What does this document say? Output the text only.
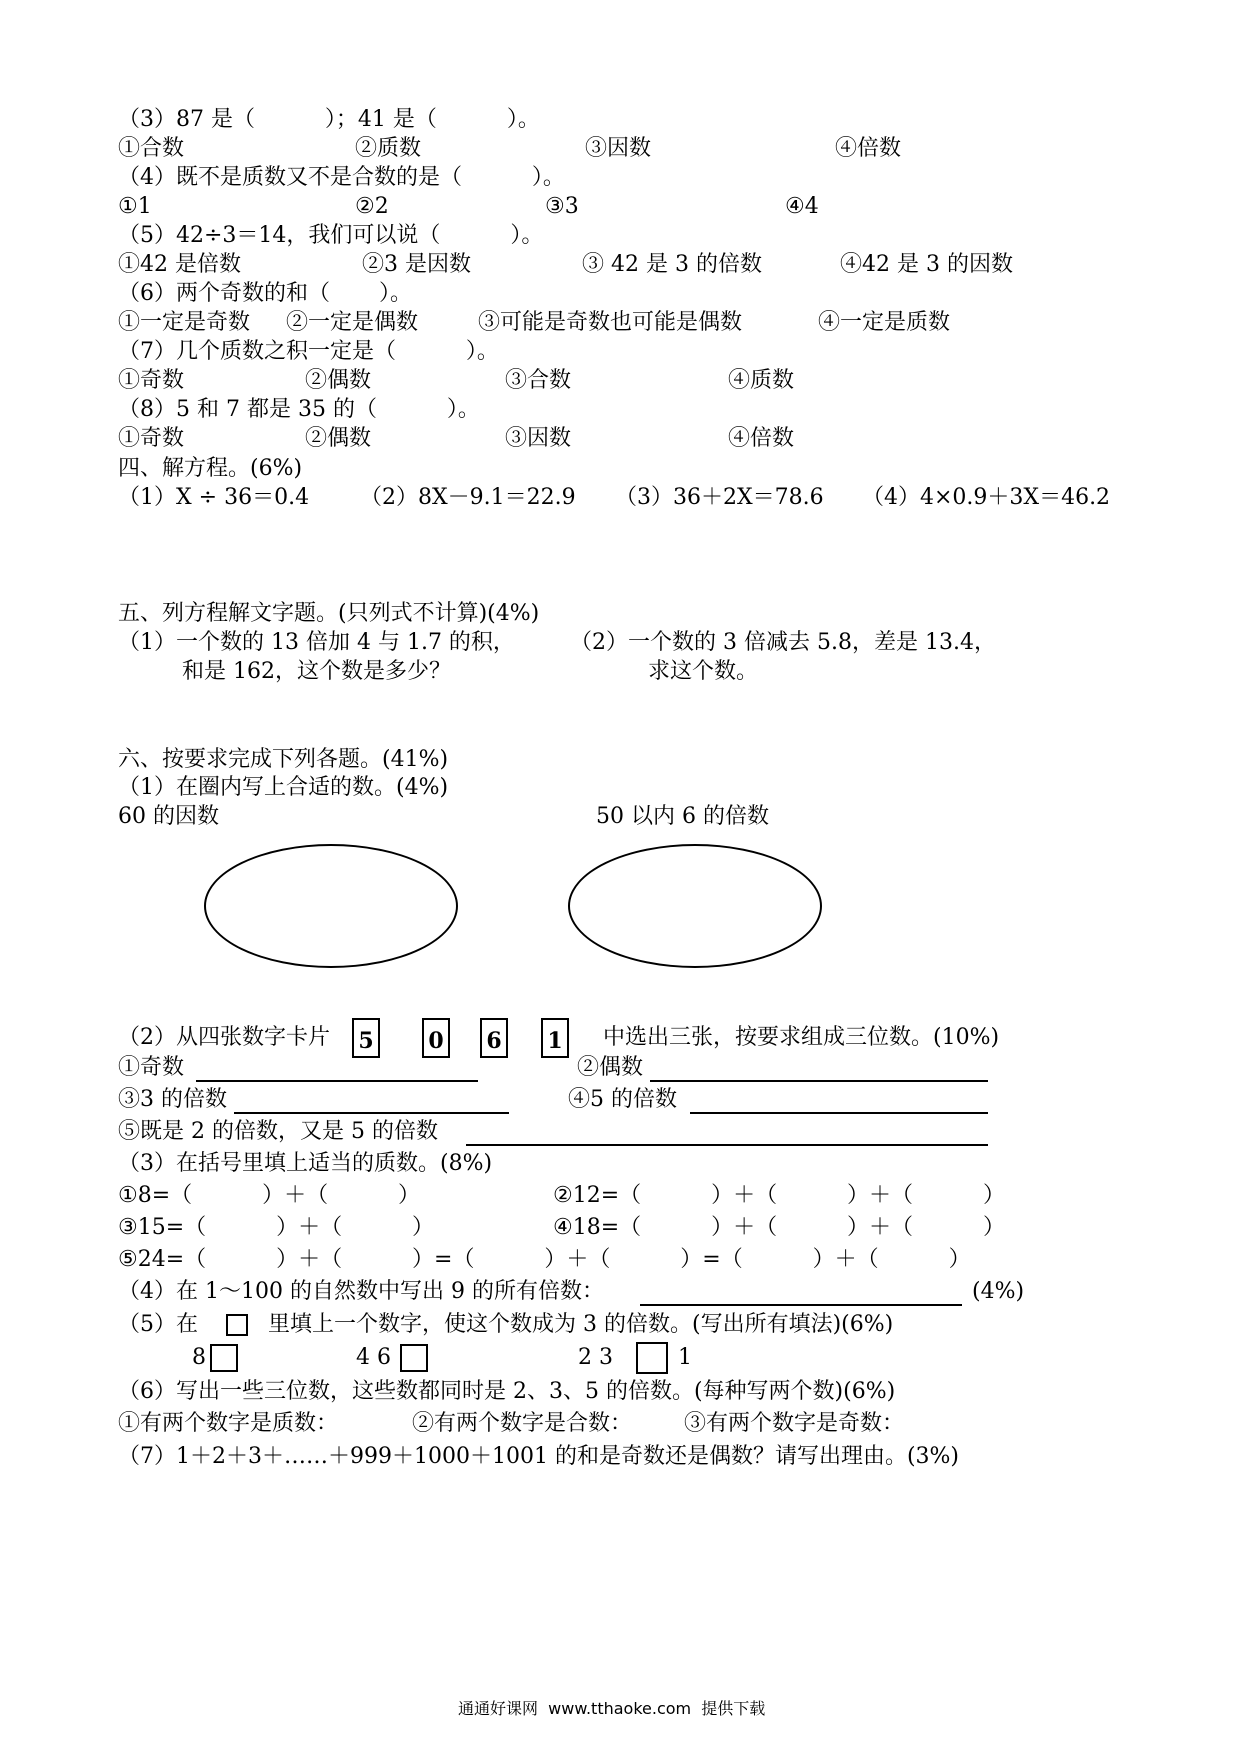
（3）87 是（          ）；41 是（          ）。
①合数	②质数	③因数	④倍数
（4）既不是质数又不是合数的是（          ）。
①1	②2	③3	④4
（5）42÷3＝14，我们可以说（          ）。
①42 是倍数	②3 是因数	③ 42 是 3 的倍数	④42 是 3 的因数
（6）两个奇数的和（       ）。
①一定是奇数 ②一定是偶数	③可能是奇数也可能是偶数	④一定是质数
（7）几个质数之积一定是（          ）。
①奇数	②偶数	③合数	④质数
（8）5 和 7 都是 35 的（          ）。
①奇数	②偶数	③因数	④倍数
四、解方程。(6%)
（1）X ÷ 36＝0.4 （2）8X－9.1＝22.9 （3）36＋2X＝78.6 （4）4×0.9＋3X＝46.2
五、列方程解文字题。(只列式不计算)(4%)
（1）一个数的 13 倍加 4 与 1.7 的积，
和是 162，这个数是多少？
（2）一个数的 3 倍减去 5.8，差是 13.4，
求这个数。
六、按要求完成下列各题。(41%)
（1）在圈内写上合适的数。(4%)
60 的因数	50 以内 6 的倍数
（2）从四张数字卡片 5 0 6 1 中选出三张，按要求组成三位数。(10%)
①奇数	②偶数
③3 的倍数	④5 的倍数
⑤既是 2 的倍数，又是 5 的倍数
（3）在括号里填上适当的质数。(8%)
①8=（          ）＋（          ）	②12=（          ）＋（          ）＋（          ）
③15=（          ）＋（          ）	④18=（          ）＋（          ）＋（          ）
⑤24=（          ）＋（          ）=（          ）＋（          ）=（          ）＋（          ）
（4）在 1～100 的自然数中写出 9 的所有倍数：	(4%)
（5）在	里填上一个数字，使这个数成为 3 的倍数。(写出所有填法)(6%)
8	4 6	2 3	1
（6）写出一些三位数，这些数都同时是 2、3、5 的倍数。(每种写两个数)(6%)
①有两个数字是质数：	②有两个数字是合数： ③有两个数字是奇数：
（7）1＋2＋3＋……＋999＋1000＋1001 的和是奇数还是偶数？请写出理由。(3%)
通通好课网  www.tthaoke.com  提供下载
